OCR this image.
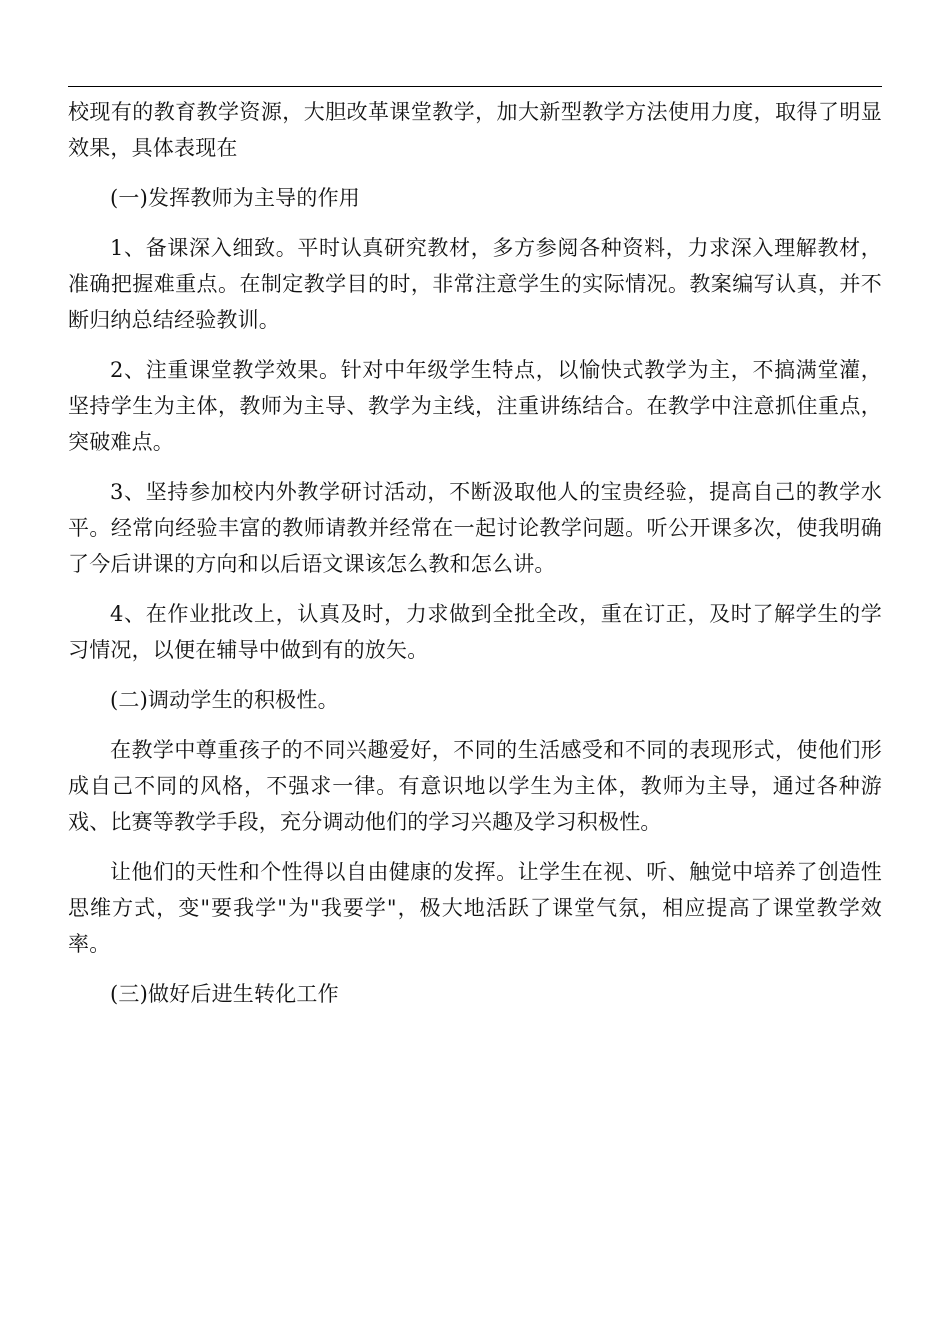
校现有的教育教学资源，大胆改革课堂教学，加大新型教学方法使用力度，取得了明显效果，具体表现在

(一)发挥教师为主导的作用

1、备课深入细致。平时认真研究教材，多方参阅各种资料，力求深入理解教材，准确把握难重点。在制定教学目的时，非常注意学生的实际情况。教案编写认真，并不断归纳总结经验教训。

2、注重课堂教学效果。针对中年级学生特点，以愉快式教学为主，不搞满堂灌，坚持学生为主体，教师为主导、教学为主线，注重讲练结合。在教学中注意抓住重点，突破难点。

3、坚持参加校内外教学研讨活动，不断汲取他人的宝贵经验，提高自己的教学水平。经常向经验丰富的教师请教并经常在一起讨论教学问题。听公开课多次，使我明确了今后讲课的方向和以后语文课该怎么教和怎么讲。

4、在作业批改上，认真及时，力求做到全批全改，重在订正，及时了解学生的学习情况，以便在辅导中做到有的放矢。

(二)调动学生的积极性。

在教学中尊重孩子的不同兴趣爱好，不同的生活感受和不同的表现形式，使他们形成自己不同的风格，不强求一律。有意识地以学生为主体，教师为主导，通过各种游戏、比赛等教学手段，充分调动他们的学习兴趣及学习积极性。

让他们的天性和个性得以自由健康的发挥。让学生在视、听、触觉中培养了创造性思维方式，变"要我学"为"我要学"，极大地活跃了课堂气氛，相应提高了课堂教学效率。

(三)做好后进生转化工作
